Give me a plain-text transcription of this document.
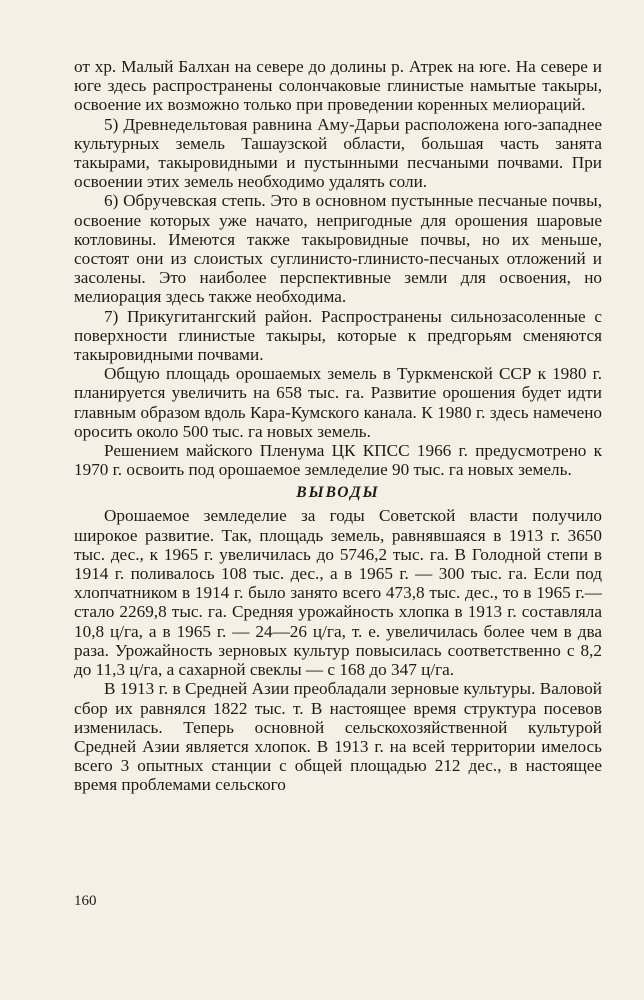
от хр. Малый Балхан на севере до долины р. Атрек на юге. На севере и юге здесь распространены солончаковые глинистые намытые такыры, освоение их возможно только при проведении коренных мелиораций.

5) Древнедельтовая равнина Аму-Дарьи расположена юго-западнее культурных земель Ташаузской области, большая часть занята такырами, такыровидными и пустынными песчаными почвами. При освоении этих земель необходимо удалять соли.

6) Обручевская степь. Это в основном пустынные песчаные почвы, освоение которых уже начато, непригодные для орошения шаровые котловины. Имеются также такыровидные почвы, но их меньше, состоят они из слоистых суглинисто-глинисто-песчаных отложений и засолены. Это наиболее перспективные земли для освоения, но мелиорация здесь также необходима.

7) Прикугитангский район. Распространены сильнозасоленные с поверхности глинистые такыры, которые к предгорьям сменяются такыровидными почвами.

Общую площадь орошаемых земель в Туркменской ССР к 1980 г. планируется увеличить на 658 тыс. га. Развитие орошения будет идти главным образом вдоль Кара-Кумского канала. К 1980 г. здесь намечено оросить около 500 тыс. га новых земель.

Решением майского Пленума ЦК КПСС 1966 г. предусмотрено к 1970 г. освоить под орошаемое земледелие 90 тыс. га новых земель.

ВЫВОДЫ

Орошаемое земледелие за годы Советской власти получило широкое развитие. Так, площадь земель, равнявшаяся в 1913 г. 3650 тыс. дес., к 1965 г. увеличилась до 5746,2 тыс. га. В Голодной степи в 1914 г. поливалось 108 тыс. дес., а в 1965 г. — 300 тыс. га. Если под хлопчатником в 1914 г. было занято всего 473,8 тыс. дес., то в 1965 г.—стало 2269,8 тыс. га. Средняя урожайность хлопка в 1913 г. составляла 10,8 ц/га, а в 1965 г. — 24—26 ц/га, т. е. увеличилась более чем в два раза. Урожайность зерновых культур повысилась соответственно с 8,2 до 11,3 ц/га, а сахарной свеклы — с 168 до 347 ц/га.

В 1913 г. в Средней Азии преобладали зерновые культуры. Валовой сбор их равнялся 1822 тыс. т. В настоящее время структура посевов изменилась. Теперь основной сельскохозяйственной культурой Средней Азии является хлопок. В 1913 г. на всей территории имелось всего 3 опытных станции с общей площадью 212 дес., в настоящее время проблемами сельского

160
